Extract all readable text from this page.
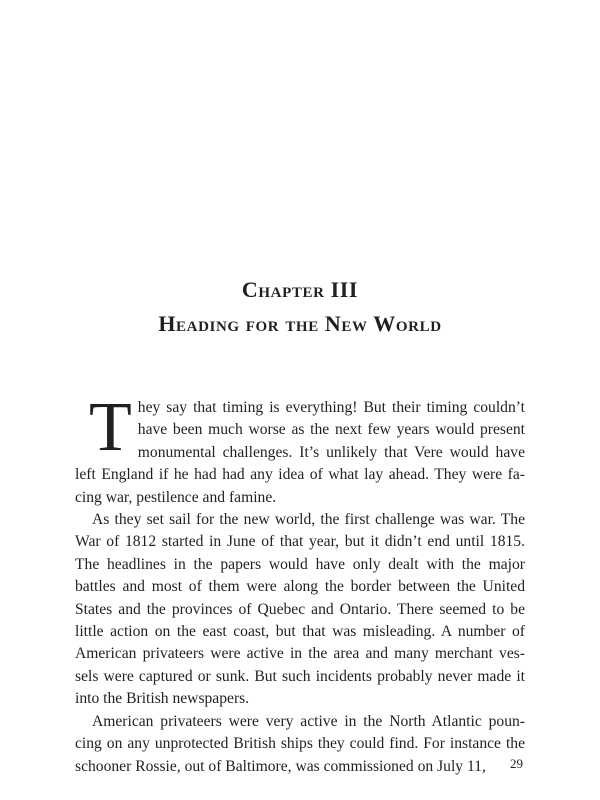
Chapter III
Heading for the New World

They say that timing is everything! But their timing couldn’t have been much worse as the next few years would present monumental challenges. It’s unlikely that Vere would have left England if he had had any idea of what lay ahead. They were fa-cing war, pestilence and famine.

As they set sail for the new world, the first challenge was war. The War of 1812 started in June of that year, but it didn’t end until 1815. The headlines in the papers would have only dealt with the major battles and most of them were along the border between the United States and the provinces of Quebec and Ontario. There seemed to be little action on the east coast, but that was misleading. A number of American privateers were active in the area and many merchant ves-sels were captured or sunk. But such incidents probably never made it into the British newspapers.

American privateers were very active in the North Atlantic poun-cing on any unprotected British ships they could find. For instance the schooner Rossie, out of Baltimore, was commissioned on July 11,	29
